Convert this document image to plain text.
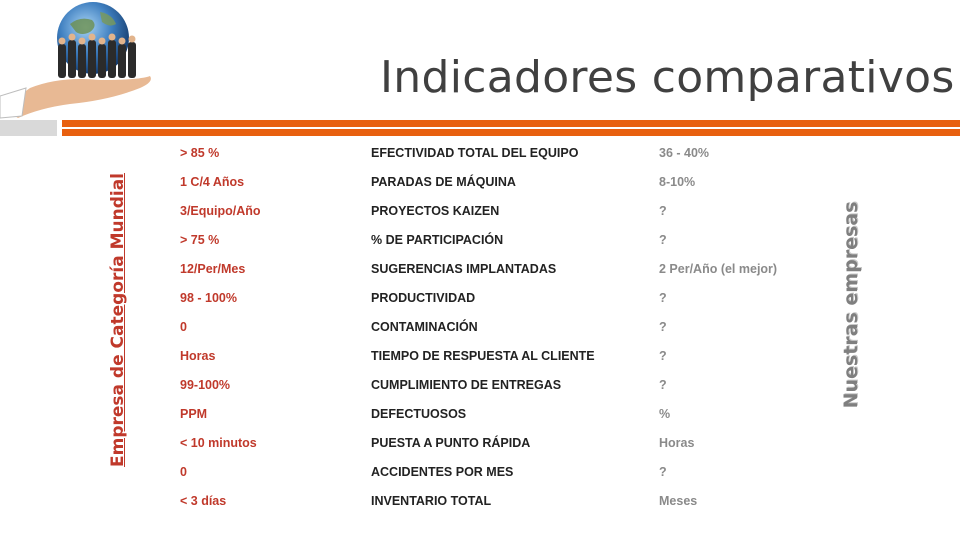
Indicadores comparativos
Empresa de Categoría Mundial	Nuestras empresas
> 85 %	EFECTIVIDAD TOTAL DEL EQUIPO	36 - 40%
1 C/4 Años	PARADAS DE MÁQUINA	8-10%
3/Equipo/Año	PROYECTOS KAIZEN	?
> 75 %	% DE PARTICIPACIÓN	?
12/Per/Mes	SUGERENCIAS IMPLANTADAS	2 Per/Año (el mejor)
98 - 100%	PRODUCTIVIDAD	?
0	CONTAMINACIÓN	?
Horas	TIEMPO DE RESPUESTA AL CLIENTE	?
99-100%	CUMPLIMIENTO DE ENTREGAS	?
PPM	DEFECTUOSOS	%
< 10 minutos	PUESTA A PUNTO RÁPIDA	Horas
0	ACCIDENTES POR MES	?
< 3 días	INVENTARIO TOTAL	Meses
